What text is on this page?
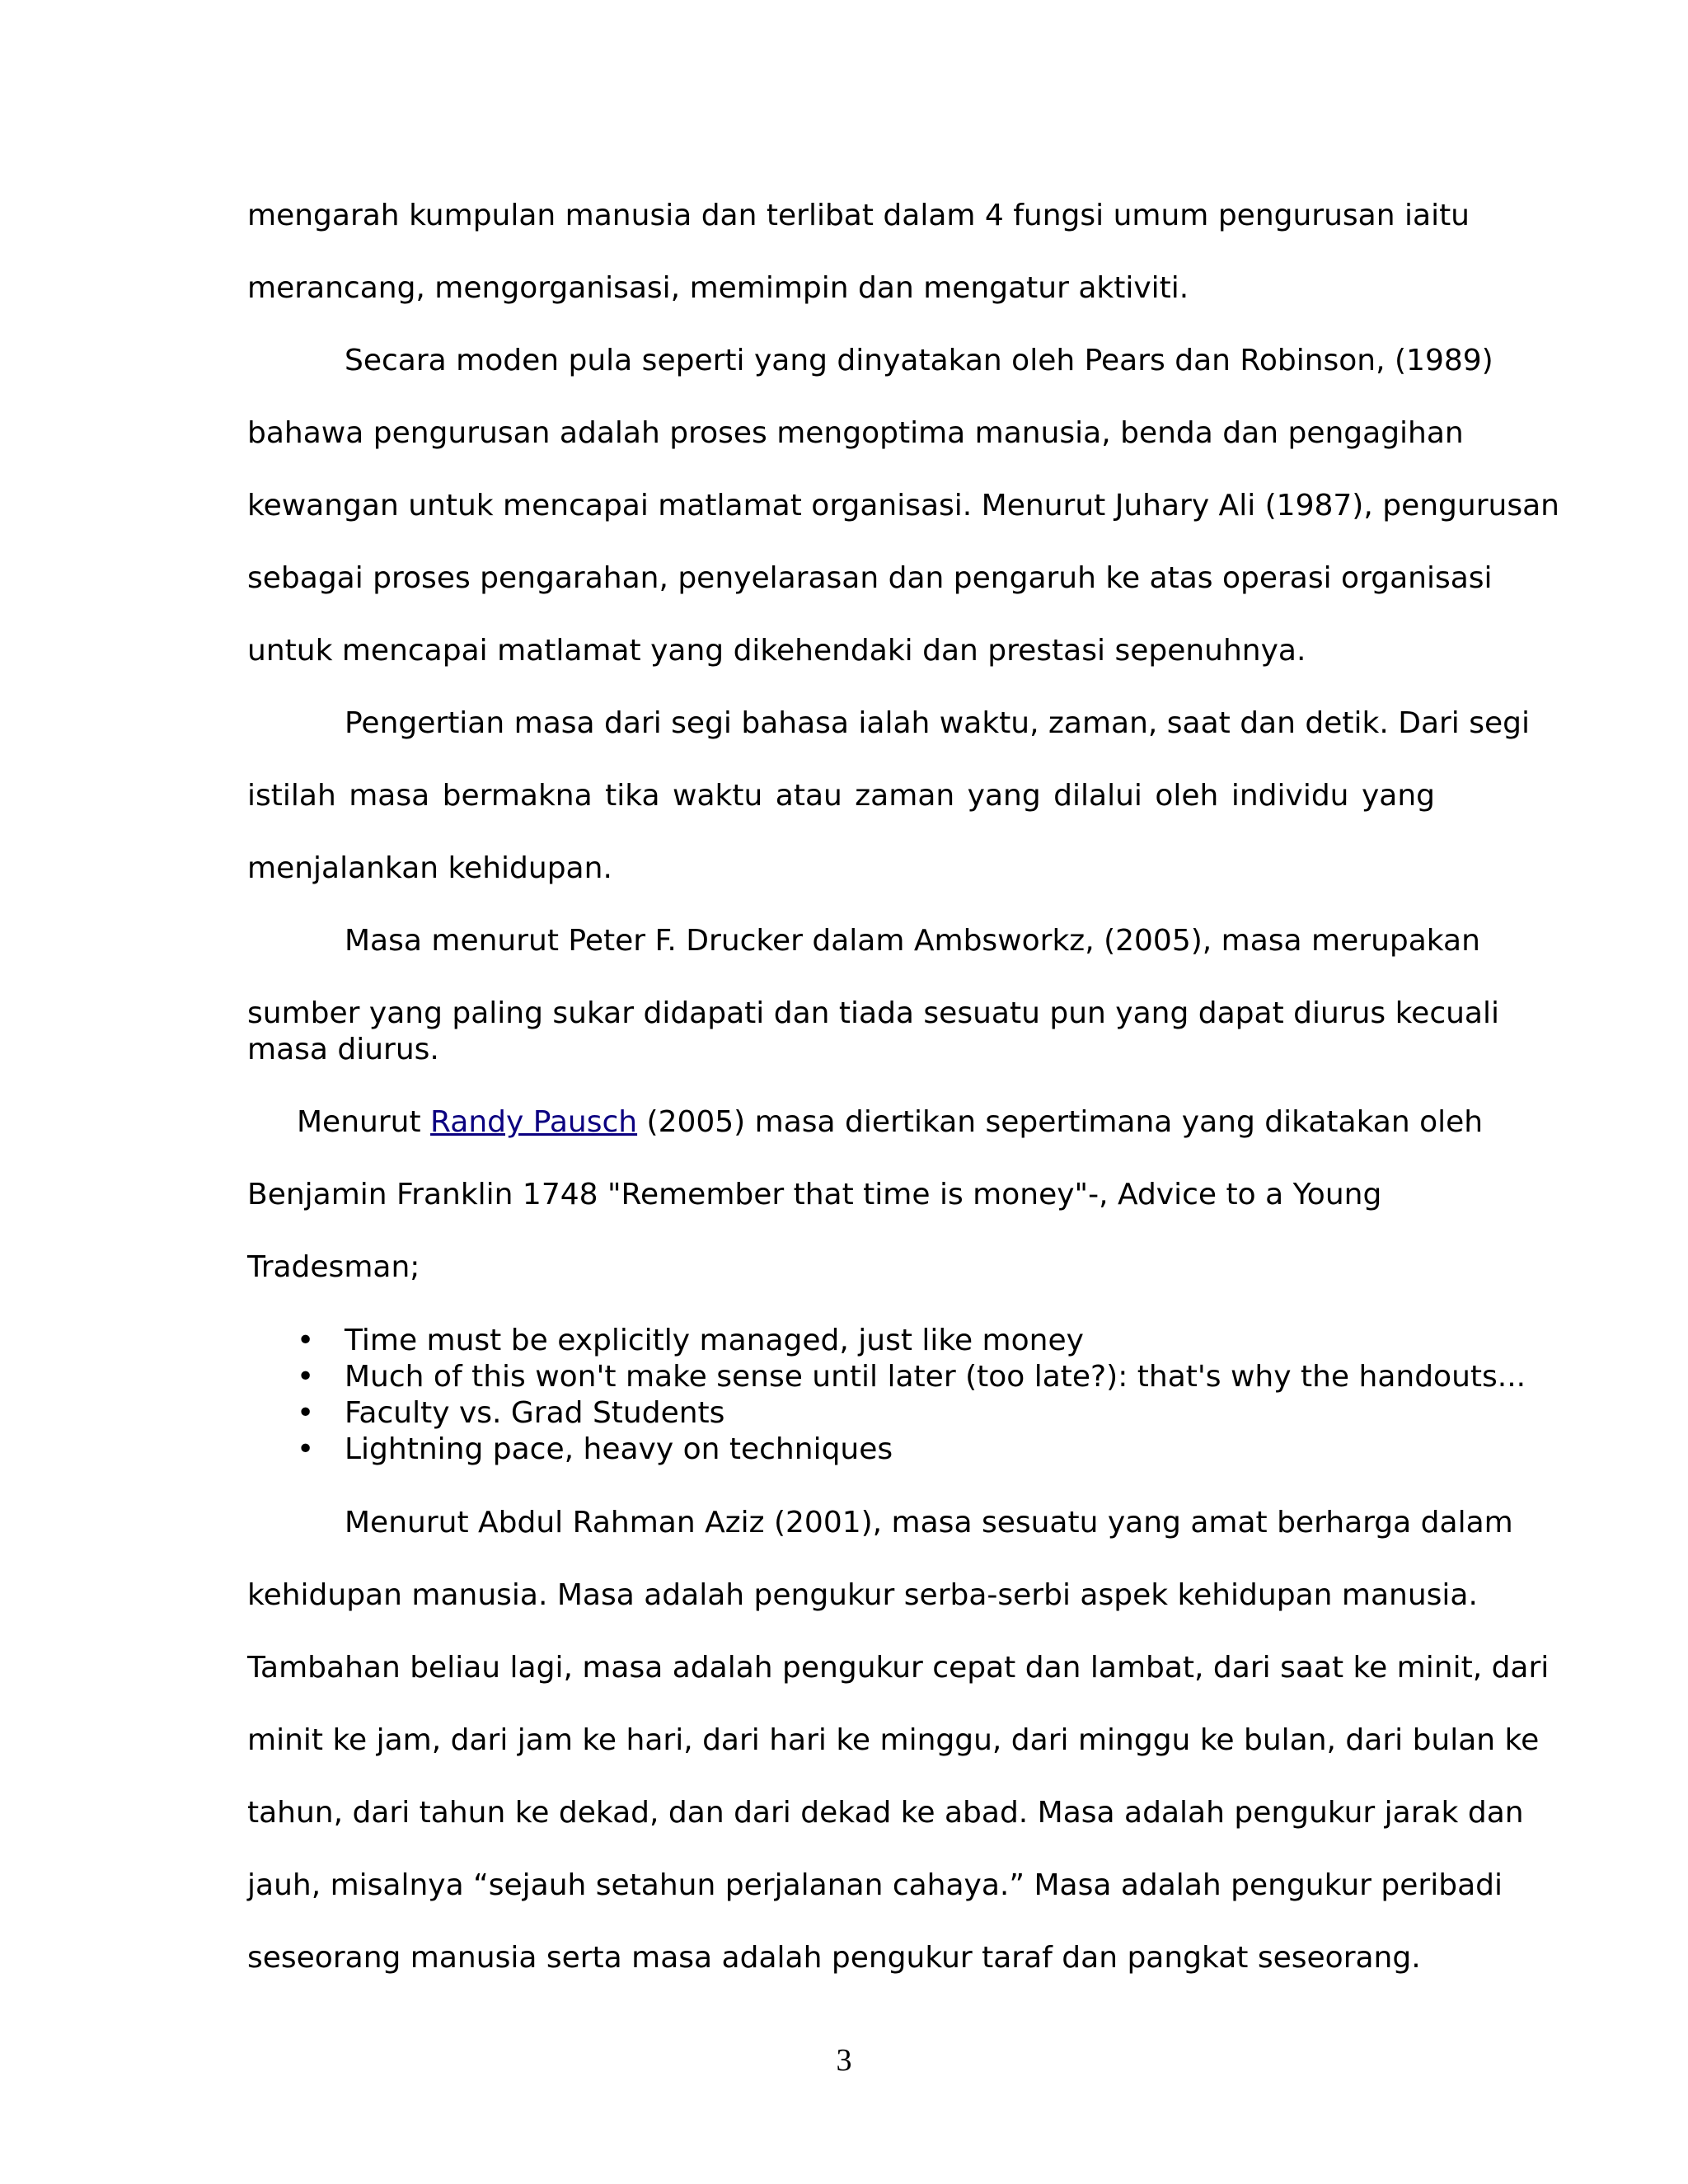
mengarah kumpulan manusia dan terlibat dalam 4 fungsi umum pengurusan iaitu

merancang, mengorganisasi, memimpin dan mengatur aktiviti.

Secara moden pula seperti yang dinyatakan oleh Pears dan Robinson, (1989)

bahawa pengurusan adalah proses mengoptima manusia, benda dan pengagihan

kewangan untuk mencapai matlamat organisasi. Menurut Juhary Ali (1987), pengurusan

sebagai proses pengarahan, penyelarasan dan pengaruh ke atas operasi organisasi

untuk mencapai matlamat yang dikehendaki dan prestasi sepenuhnya.

Pengertian masa dari segi bahasa ialah waktu, zaman, saat dan detik. Dari segi

istilah masa bermakna tika waktu atau zaman yang dilalui oleh individu yang

menjalankan kehidupan.

Masa menurut Peter F. Drucker dalam Ambsworkz, (2005), masa merupakan

sumber yang paling sukar didapati dan tiada sesuatu pun yang dapat diurus kecuali

masa diurus.

Menurut Randy Pausch (2005) masa diertikan sepertimana yang dikatakan oleh

Benjamin Franklin 1748 "Remember that time is money"-, Advice to a Young

Tradesman;

• Time must be explicitly managed, just like money
• Much of this won't make sense until later (too late?): that's why the handouts...
• Faculty vs. Grad Students
• Lightning pace, heavy on techniques

Menurut Abdul Rahman Aziz (2001), masa sesuatu yang amat berharga dalam

kehidupan manusia. Masa adalah pengukur serba-serbi aspek kehidupan manusia.

Tambahan beliau lagi, masa adalah pengukur cepat dan lambat, dari saat ke minit, dari

minit ke jam, dari jam ke hari, dari hari ke minggu, dari minggu ke bulan, dari bulan ke

tahun, dari tahun ke dekad, dan dari dekad ke abad. Masa adalah pengukur jarak dan

jauh, misalnya “sejauh setahun perjalanan cahaya.” Masa adalah pengukur peribadi

seseorang manusia serta masa adalah pengukur taraf dan pangkat seseorang.

3
